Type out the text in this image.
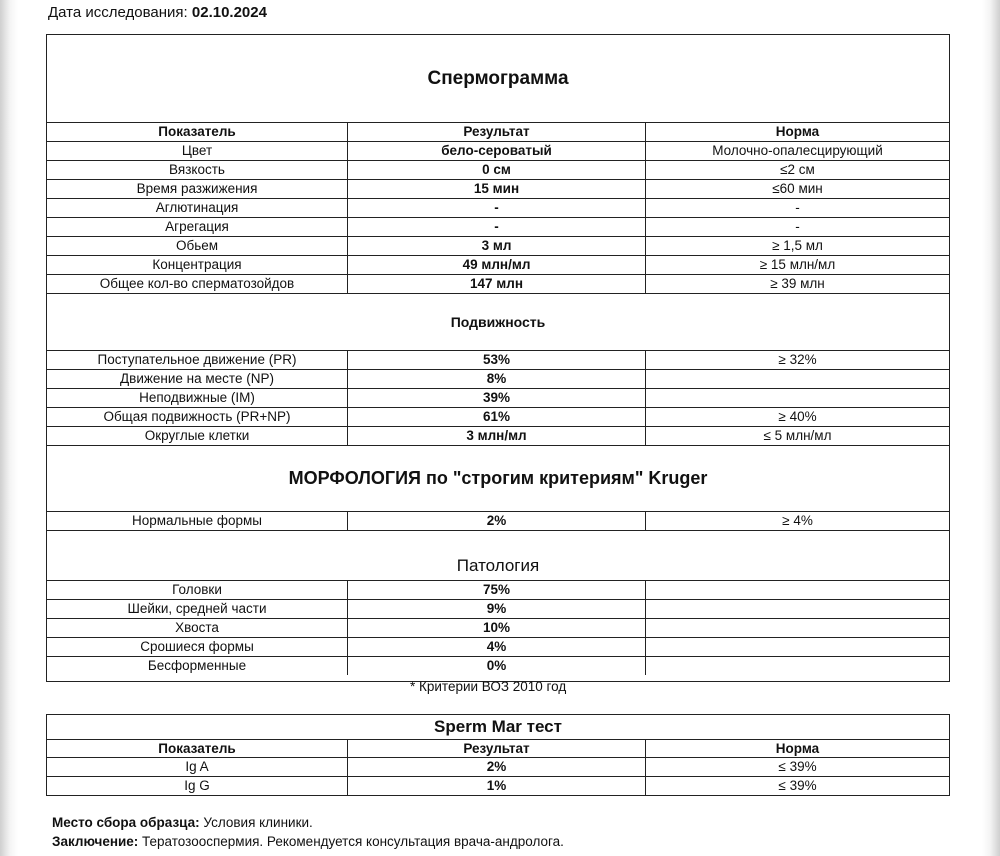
Дата исследования: 02.10.2024
Спермограмма
Показатель	Результат	Норма
Цвет	бело-сероватый	Молочно-опалесцирующий
Вязкость	0 см	≤2 см
Время разжижения	15 мин	≤60 мин
Аглютинация	-	-
Агрегация	-	-
Обьем	3 мл	≥ 1,5 мл
Концентрация	49 млн/мл	≥ 15 млн/мл
Общее кол-во сперматозойдов	147 млн	≥ 39 млн
Подвижность
Поступательное движение (PR)	53%	≥ 32%
Движение на месте (NP)	8%
Неподвижные (IM)	39%
Общая подвижность (PR+NP)	61%	≥ 40%
Округлые клетки	3 млн/мл	≤ 5 млн/мл
МОРФОЛОГИЯ по "строгим критериям" Kruger
Нормальные формы	2%	≥ 4%
Патология
Головки	75%
Шейки, средней части	9%
Хвоста	10%
Срошиеся формы	4%
Бесформенные	0%
* Критерии ВОЗ 2010 год
Sperm Mar тест
Показатель	Результат	Норма
Ig A	2%	≤ 39%
Ig G	1%	≤ 39%
Место сбора образца: Условия клиники.
Заключение: Тератозооспермия. Рекомендуется консультация врача-андролога.
